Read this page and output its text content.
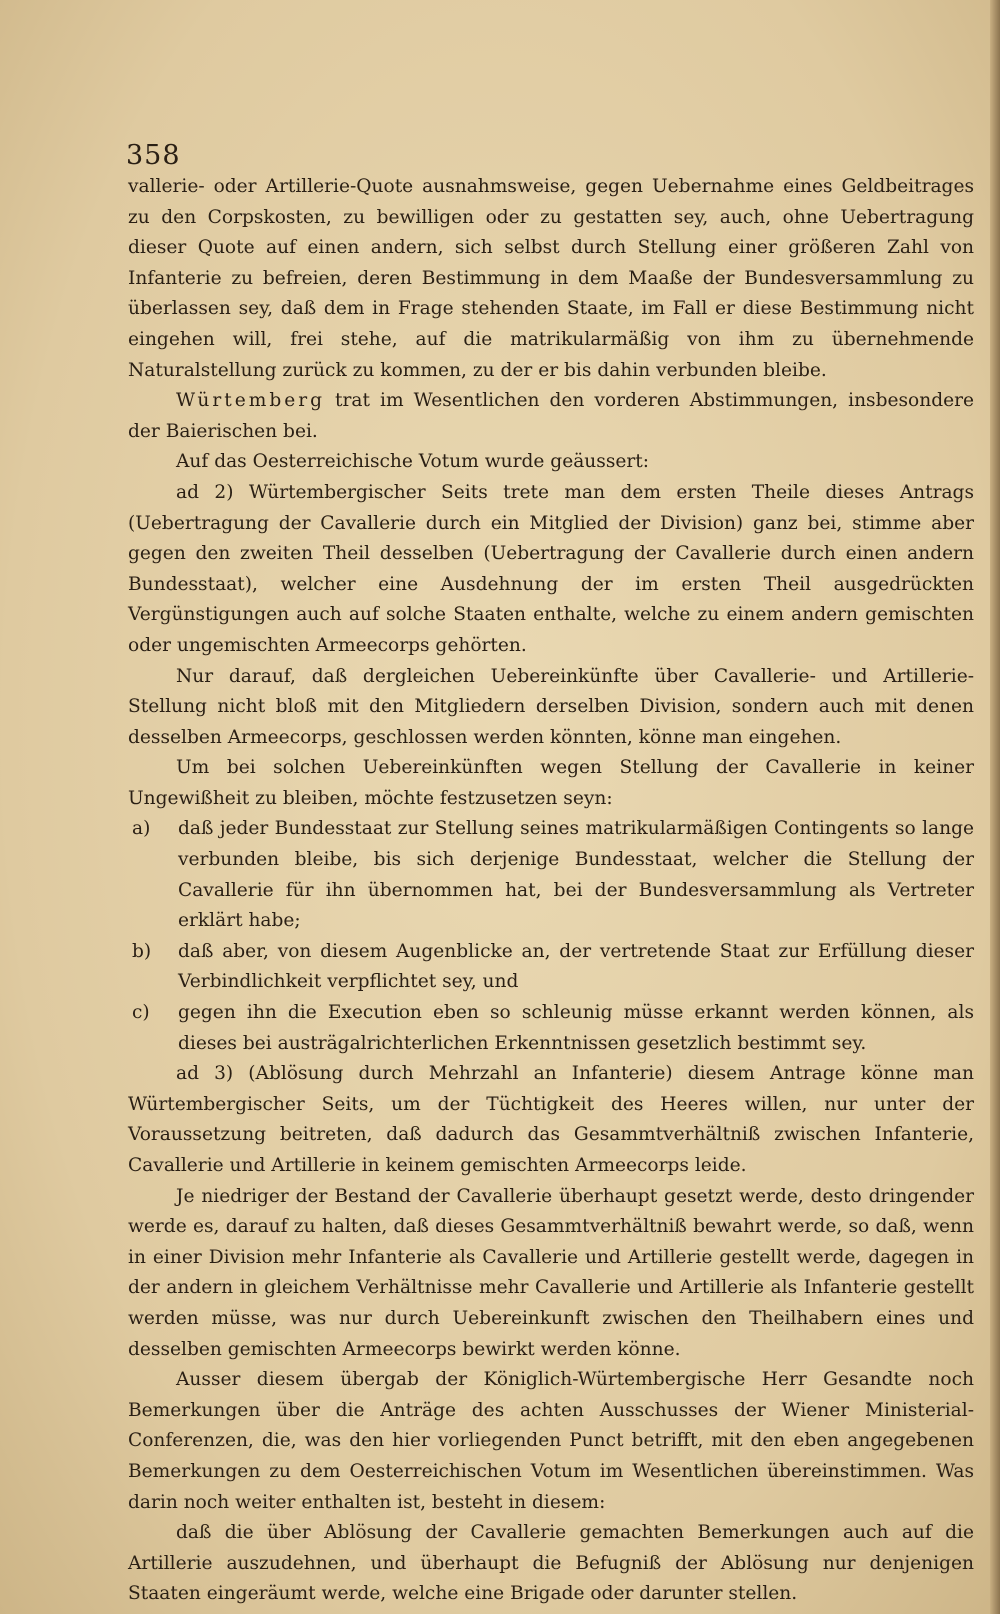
358

vallerie- oder Artillerie-Quote ausnahmsweise, gegen Uebernahme eines Geldbeitrages zu den Corpskosten, zu bewilligen oder zu gestatten sey, auch, ohne Uebertragung dieser Quote auf einen andern, sich selbst durch Stellung einer größeren Zahl von Infanterie zu befreien, deren Bestimmung in dem Maaße der Bundesversammlung zu überlassen sey, daß dem in Frage stehenden Staate, im Fall er diese Bestimmung nicht eingehen will, frei stehe, auf die matrikularmäßig von ihm zu übernehmende Naturalstellung zurück zu kommen, zu der er bis dahin verbunden bleibe.

Würtemberg trat im Wesentlichen den vorderen Abstimmungen, insbesondere der Baierischen bei.

Auf das Oesterreichische Votum wurde geäussert:

ad 2) Würtembergischer Seits trete man dem ersten Theile dieses Antrags (Uebertragung der Cavallerie durch ein Mitglied der Division) ganz bei, stimme aber gegen den zweiten Theil desselben (Uebertragung der Cavallerie durch einen andern Bundesstaat), welcher eine Ausdehnung der im ersten Theil ausgedrückten Vergünstigungen auch auf solche Staaten enthalte, welche zu einem andern gemischten oder ungemischten Armeecorps gehörten.

Nur darauf, daß dergleichen Uebereinkünfte über Cavallerie- und Artillerie-Stellung nicht bloß mit den Mitgliedern derselben Division, sondern auch mit denen desselben Armeecorps, geschlossen werden könnten, könne man eingehen.

Um bei solchen Uebereinkünften wegen Stellung der Cavallerie in keiner Ungewißheit zu bleiben, möchte festzusetzen seyn:

a) daß jeder Bundesstaat zur Stellung seines matrikularmäßigen Contingents so lange verbunden bleibe, bis sich derjenige Bundesstaat, welcher die Stellung der Cavallerie für ihn übernommen hat, bei der Bundesversammlung als Vertreter erklärt habe;

b) daß aber, von diesem Augenblicke an, der vertretende Staat zur Erfüllung dieser Verbindlichkeit verpflichtet sey, und

c) gegen ihn die Execution eben so schleunig müsse erkannt werden können, als dieses bei austrägalrichterlichen Erkenntnissen gesetzlich bestimmt sey.

ad 3) (Ablösung durch Mehrzahl an Infanterie) diesem Antrage könne man Würtembergischer Seits, um der Tüchtigkeit des Heeres willen, nur unter der Voraussetzung beitreten, daß dadurch das Gesammtverhältniß zwischen Infanterie, Cavallerie und Artillerie in keinem gemischten Armeecorps leide.

Je niedriger der Bestand der Cavallerie überhaupt gesetzt werde, desto dringender werde es, darauf zu halten, daß dieses Gesammtverhältniß bewahrt werde, so daß, wenn in einer Division mehr Infanterie als Cavallerie und Artillerie gestellt werde, dagegen in der andern in gleichem Verhältnisse mehr Cavallerie und Artillerie als Infanterie gestellt werden müsse, was nur durch Uebereinkunft zwischen den Theilhabern eines und desselben gemischten Armeecorps bewirkt werden könne.

Ausser diesem übergab der Königlich-Würtembergische Herr Gesandte noch Bemerkungen über die Anträge des achten Ausschusses der Wiener Ministerial-Conferenzen, die, was den hier vorliegenden Punct betrifft, mit den eben angegebenen Bemerkungen zu dem Oesterreichischen Votum im Wesentlichen übereinstimmen. Was darin noch weiter enthalten ist, besteht in diesem:

daß die über Ablösung der Cavallerie gemachten Bemerkungen auch auf die Artillerie auszudehnen, und überhaupt die Befugniß der Ablösung nur denjenigen Staaten eingeräumt werde, welche eine Brigade oder darunter stellen.
